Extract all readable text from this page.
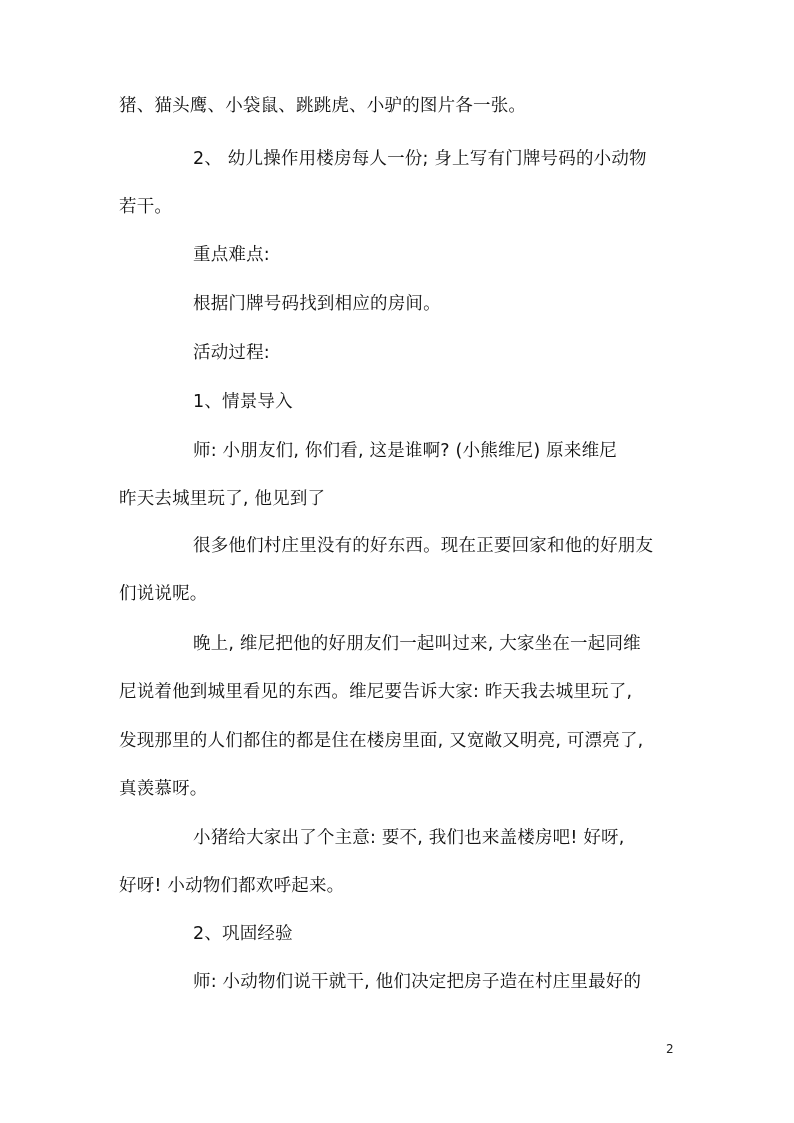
猪、猫头鹰、小袋鼠、跳跳虎、小驴的图片各一张。
2、 幼儿操作用楼房每人一份; 身上写有门牌号码的小动物
若干。
重点难点:
根据门牌号码找到相应的房间。
活动过程:
1、情景导入
师: 小朋友们, 你们看, 这是谁啊? (小熊维尼) 原来维尼
昨天去城里玩了, 他见到了
很多他们村庄里没有的好东西。现在正要回家和他的好朋友
们说说呢。
晚上, 维尼把他的好朋友们一起叫过来, 大家坐在一起同维
尼说着他到城里看见的东西。维尼要告诉大家: 昨天我去城里玩了,
发现那里的人们都住的都是住在楼房里面, 又宽敞又明亮, 可漂亮了,
真羡慕呀。
小猪给大家出了个主意: 要不, 我们也来盖楼房吧! 好呀,
好呀! 小动物们都欢呼起来。
2、巩固经验
师: 小动物们说干就干, 他们决定把房子造在村庄里最好的
2
